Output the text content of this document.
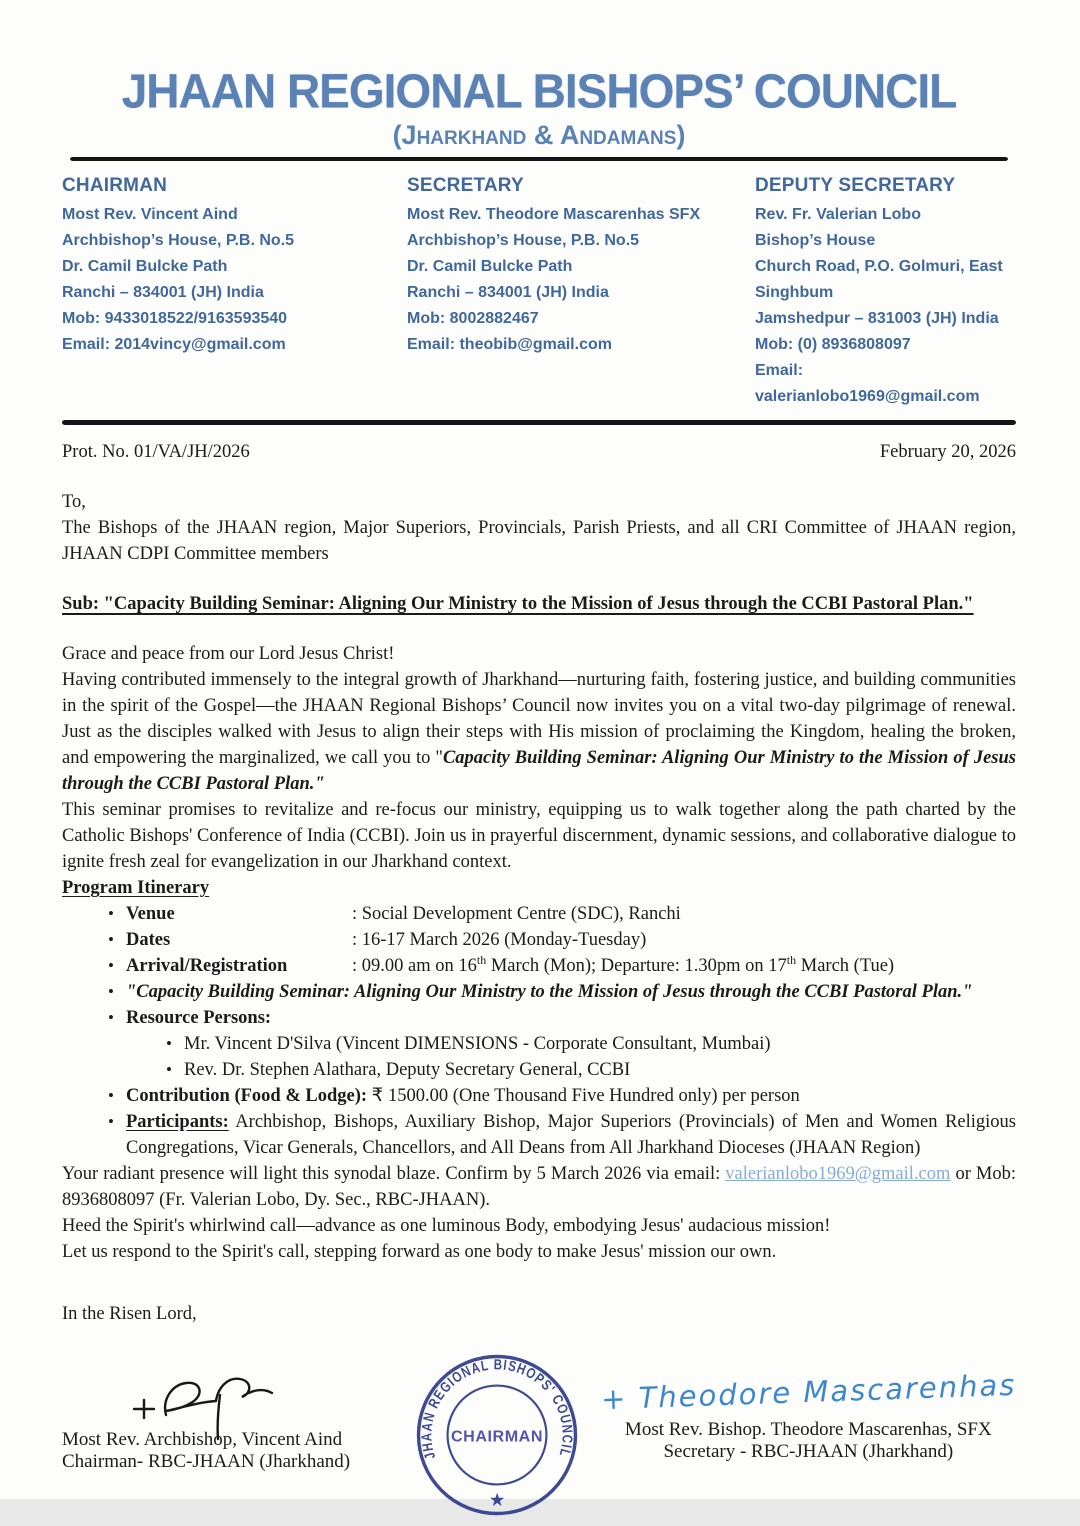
JHAAN REGIONAL BISHOPS’ COUNCIL
(Jharkhand & Andamans)
CHAIRMAN
Most Rev. Vincent Aind
Archbishop’s House, P.B. No.5
Dr. Camil Bulcke Path
Ranchi – 834001 (JH) India
Mob: 9433018522/9163593540
Email: 2014vincy@gmail.com
SECRETARY
Most Rev. Theodore Mascarenhas SFX
Archbishop’s House, P.B. No.5
Dr. Camil Bulcke Path
Ranchi – 834001 (JH) India
Mob: 8002882467
Email: theobib@gmail.com
DEPUTY SECRETARY
Rev. Fr. Valerian Lobo
Bishop’s House
Church Road, P.O. Golmuri, East Singhbum
Jamshedpur – 831003 (JH) India
Mob: (0) 8936808097
Email: valerianlobo1969@gmail.com
Prot. No. 01/VA/JH/2026	February 20, 2026

To,

The Bishops of the JHAAN region, Major Superiors, Provincials, Parish Priests, and all CRI Committee of JHAAN region, JHAAN CDPI Committee members

Sub: "Capacity Building Seminar: Aligning Our Ministry to the Mission of Jesus through the CCBI Pastoral Plan."

Grace and peace from our Lord Jesus Christ!

Having contributed immensely to the integral growth of Jharkhand—nurturing faith, fostering justice, and building communities in the spirit of the Gospel—the JHAAN Regional Bishops’ Council now invites you on a vital two-day pilgrimage of renewal. Just as the disciples walked with Jesus to align their steps with His mission of proclaiming the Kingdom, healing the broken, and empowering the marginalized, we call you to "Capacity Building Seminar: Aligning Our Ministry to the Mission of Jesus through the CCBI Pastoral Plan."

This seminar promises to revitalize and re-focus our ministry, equipping us to walk together along the path charted by the Catholic Bishops' Conference of India (CCBI). Join us in prayerful discernment, dynamic sessions, and collaborative dialogue to ignite fresh zeal for evangelization in our Jharkhand context.

Program Itinerary

• Venue	: Social Development Centre (SDC), Ranchi
• Dates	: 16-17 March 2026 (Monday-Tuesday)
• Arrival/Registration	: 09.00 am on 16th March (Mon); Departure: 1.30pm on 17th March (Tue)
• "Capacity Building Seminar: Aligning Our Ministry to the Mission of Jesus through the CCBI Pastoral Plan."
• Resource Persons:
• Mr. Vincent D'Silva (Vincent DIMENSIONS - Corporate Consultant, Mumbai)
• Rev. Dr. Stephen Alathara, Deputy Secretary General, CCBI
• Contribution (Food & Lodge): ₹ 1500.00 (One Thousand Five Hundred only) per person
• Participants: Archbishop, Bishops, Auxiliary Bishop, Major Superiors (Provincials) of Men and Women Religious Congregations, Vicar Generals, Chancellors, and All Deans from All Jharkhand Dioceses (JHAAN Region)

Your radiant presence will light this synodal blaze. Confirm by 5 March 2026 via email: valerianlobo1969@gmail.com or Mob: 8936808097 (Fr. Valerian Lobo, Dy. Sec., RBC-JHAAN).

Heed the Spirit's whirlwind call—advance as one luminous Body, embodying Jesus' audacious mission!

Let us respond to the Spirit's call, stepping forward as one body to make Jesus' mission our own.

In the Risen Lord,

Most Rev. Archbishop, Vincent Aind
Chairman- RBC-JHAAN (Jharkhand)	JHAAN REGIONAL BISHOPS' COUNCIL
CHAIRMAN
★
+ Theodore Mascarenhas
Most Rev. Bishop. Theodore Mascarenhas, SFX
Secretary - RBC-JHAAN (Jharkhand)
